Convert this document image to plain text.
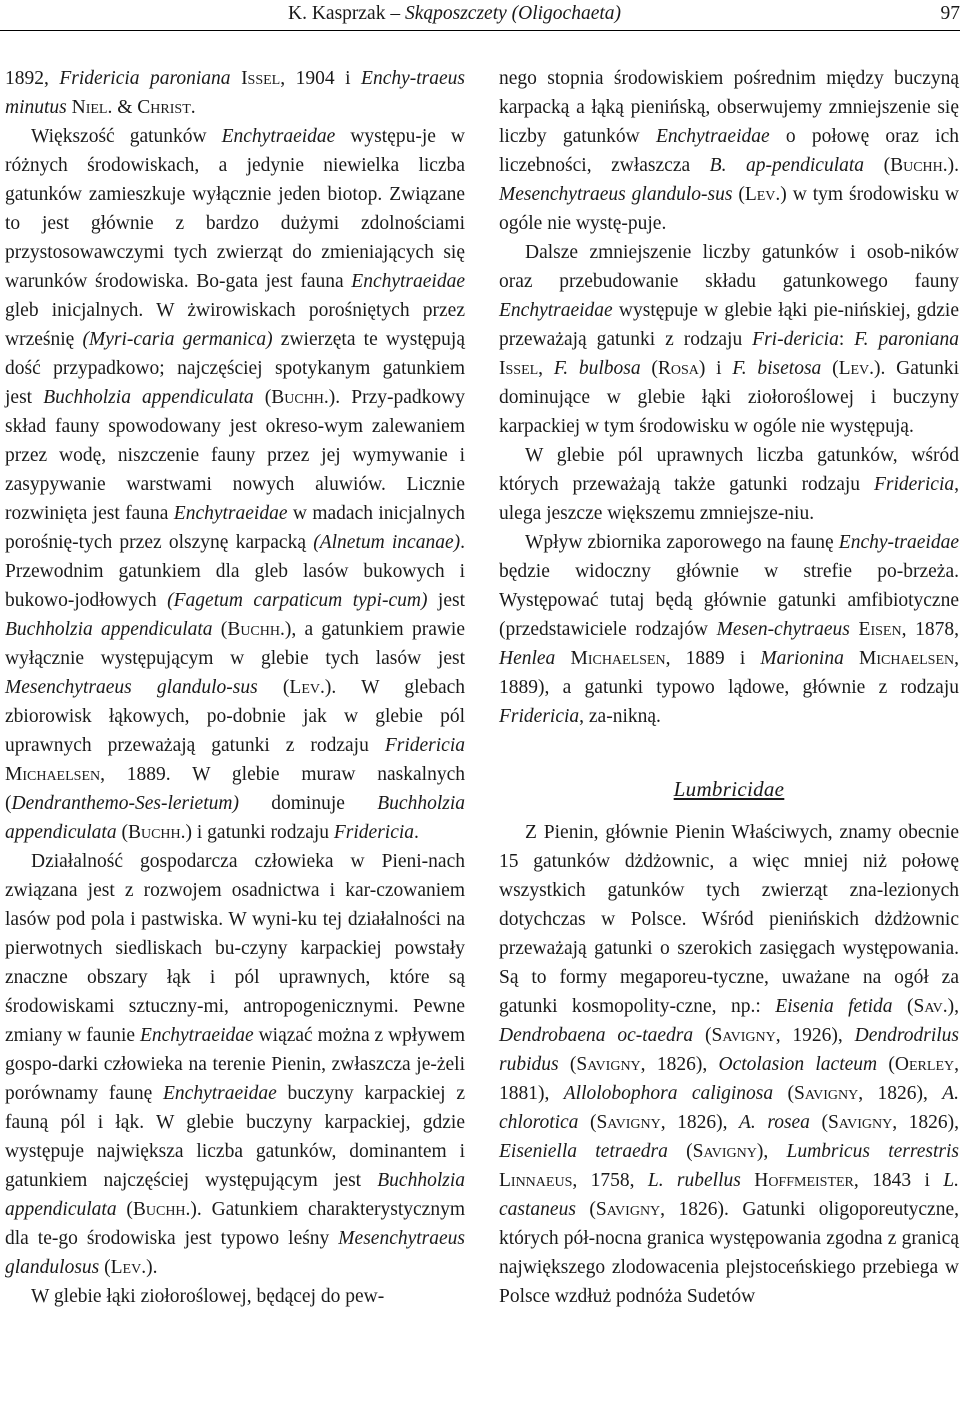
K. Kasprzak – Skąposzczety (Oligochaeta)	97

1892, Fridericia paroniana Issel, 1904 i Enchy-traeus minutus Niel. & Christ.

Większość gatunków Enchytraeidae występu-je w różnych środowiskach, a jedynie niewielka liczba gatunków zamieszkuje wyłącznie jeden biotop. Związane to jest głównie z bardzo dużymi zdolnościami przystosowawczymi tych zwierząt do zmieniających się warunków środowiska. Bo-gata jest fauna Enchytraeidae gleb inicjalnych. W żwirowiskach porośniętych przez wrześnię (Myri-caria germanica) zwierzęta te występują dość przypadkowo; najczęściej spotykanym gatunkiem jest Buchholzia appendiculata (Buchh.). Przy-padkowy skład fauny spowodowany jest okreso-wym zalewaniem przez wodę, niszczenie fauny przez jej wymywanie i zasypywanie warstwami nowych aluwiów. Licznie rozwinięta jest fauna Enchytraeidae w madach inicjalnych porośnię-tych przez olszynę karpacką (Alnetum incanae). Przewodnim gatunkiem dla gleb lasów bukowych i bukowo-jodłowych (Fagetum carpaticum typi-cum) jest Buchholzia appendiculata (Buchh.), a gatunkiem prawie wyłącznie występującym w glebie tych lasów jest Mesenchytraeus glandulo-sus (Lev.). W glebach zbiorowisk łąkowych, po-dobnie jak w glebie pól uprawnych przeważają gatunki z rodzaju Fridericia Michaelsen, 1889. W glebie muraw naskalnych (Dendranthemo-Ses-lerietum) dominuje Buchholzia appendiculata (Buchh.) i gatunki rodzaju Fridericia.

Działalność gospodarcza człowieka w Pieni-nach związana jest z rozwojem osadnictwa i kar-czowaniem lasów pod pola i pastwiska. W wyni-ku tej działalności na pierwotnych siedliskach bu-czyny karpackiej powstały znaczne obszary łąk i pól uprawnych, które są środowiskami sztuczny-mi, antropogenicznymi. Pewne zmiany w faunie Enchytraeidae wiązać można z wpływem gospo-darki człowieka na terenie Pienin, zwłaszcza je-żeli porównamy faunę Enchytraeidae buczyny karpackiej z fauną pól i łąk. W glebie buczyny karpackiej, gdzie występuje największa liczba gatunków, dominantem i gatunkiem najczęściej występującym jest Buchholzia appendiculata (Buchh.). Gatunkiem charakterystycznym dla te-go środowiska jest typowo leśny Mesenchytraeus glandulosus (Lev.).

W glebie łąki ziołoroślowej, będącej do pew-

nego stopnia środowiskiem pośrednim między buczyną karpacką a łąką pienińską, obserwujemy zmniejszenie się liczby gatunków Enchytraeidae o połowę oraz ich liczebności, zwłaszcza B. ap-pendiculata (Buchh.). Mesenchytraeus glandulo-sus (Lev.) w tym środowisku w ogóle nie wystę-puje.

Dalsze zmniejszenie liczby gatunków i osob-ników oraz przebudowanie składu gatunkowego fauny Enchytraeidae występuje w glebie łąki pie-nińskiej, gdzie przeważają gatunki z rodzaju Fri-dericia: F. paroniana Issel, F. bulbosa (Rosa) i F. bisetosa (Lev.). Gatunki dominujące w glebie łąki ziołoroślowej i buczyny karpackiej w tym środowisku w ogóle nie występują.

W glebie pól uprawnych liczba gatunków, wśród których przeważają także gatunki rodzaju Fridericia, ulega jeszcze większemu zmniejsze-niu.

Wpływ zbiornika zaporowego na faunę Enchy-traeidae będzie widoczny głównie w strefie po-brzeża. Występować tutaj będą głównie gatunki amfibiotyczne (przedstawiciele rodzajów Mesen-chytraeus Eisen, 1878, Henlea Michaelsen, 1889 i Marionina Michaelsen, 1889), a gatunki typowo lądowe, głównie z rodzaju Fridericia, za-nikną.

Lumbricidae

Z Pienin, głównie Pienin Właściwych, znamy obecnie 15 gatunków dżdżownic, a więc mniej niż połowę wszystkich gatunków tych zwierząt zna-lezionych dotychczas w Polsce. Wśród pienińskich dżdżownic przeważają gatunki o szerokich zasięgach występowania. Są to formy megaporeu-tyczne, uważane na ogół za gatunki kosmopolity-czne, np.: Eisenia fetida (Sav.), Dendrobaena oc-taedra (Savigny, 1926), Dendrodrilus rubidus (Savigny, 1826), Octolasion lacteum (Oerley, 1881), Allolobophora caliginosa (Savigny, 1826), A. chlorotica (Savigny, 1826), A. rosea (Savigny, 1826), Eiseniella tetraedra (Savigny), Lumbricus terrestris Linnaeus, 1758, L. rubellus Hoffmeister, 1843 i L. castaneus (Savigny, 1826). Gatunki oligoporeutyczne, których pół-nocna granica występowania zgodna z granicą największego zlodowacenia plejstoceńskiego przebiega w Polsce wzdłuż podnóża Sudetów
